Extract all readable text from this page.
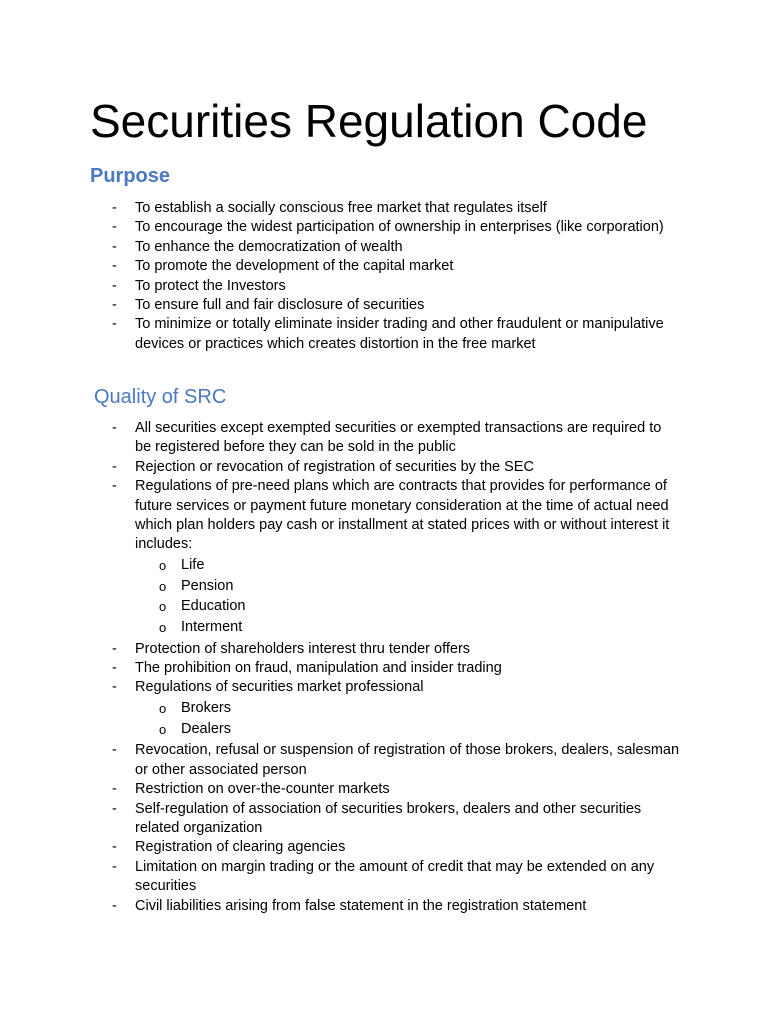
Securities Regulation Code
Purpose
- To establish a socially conscious free market that regulates itself
- To encourage the widest participation of ownership in enterprises (like corporation)
- To enhance the democratization of wealth
- To promote the development of the capital market
- To protect the Investors
- To ensure full and fair disclosure of securities
- To minimize or totally eliminate insider trading and other fraudulent or manipulative devices or practices which creates distortion in the free market
Quality of SRC
- All securities except exempted securities or exempted transactions are required to be registered before they can be sold in the public
- Rejection or revocation of registration of securities by the SEC
- Regulations of pre-need plans which are contracts that provides for performance of future services or payment future monetary consideration at the time of actual need which plan holders pay cash or installment at stated prices with or without interest it includes:
o Life
o Pension
o Education
o Interment
- Protection of shareholders interest thru tender offers
- The prohibition on fraud, manipulation and insider trading
- Regulations of securities market professional
o Brokers
o Dealers
- Revocation, refusal or suspension of registration of those brokers, dealers, salesman or other associated person
- Restriction on over-the-counter markets
- Self-regulation of association of securities brokers, dealers and other securities related organization
- Registration of clearing agencies
- Limitation on margin trading or the amount of credit that may be extended on any securities
- Civil liabilities arising from false statement in the registration statement
